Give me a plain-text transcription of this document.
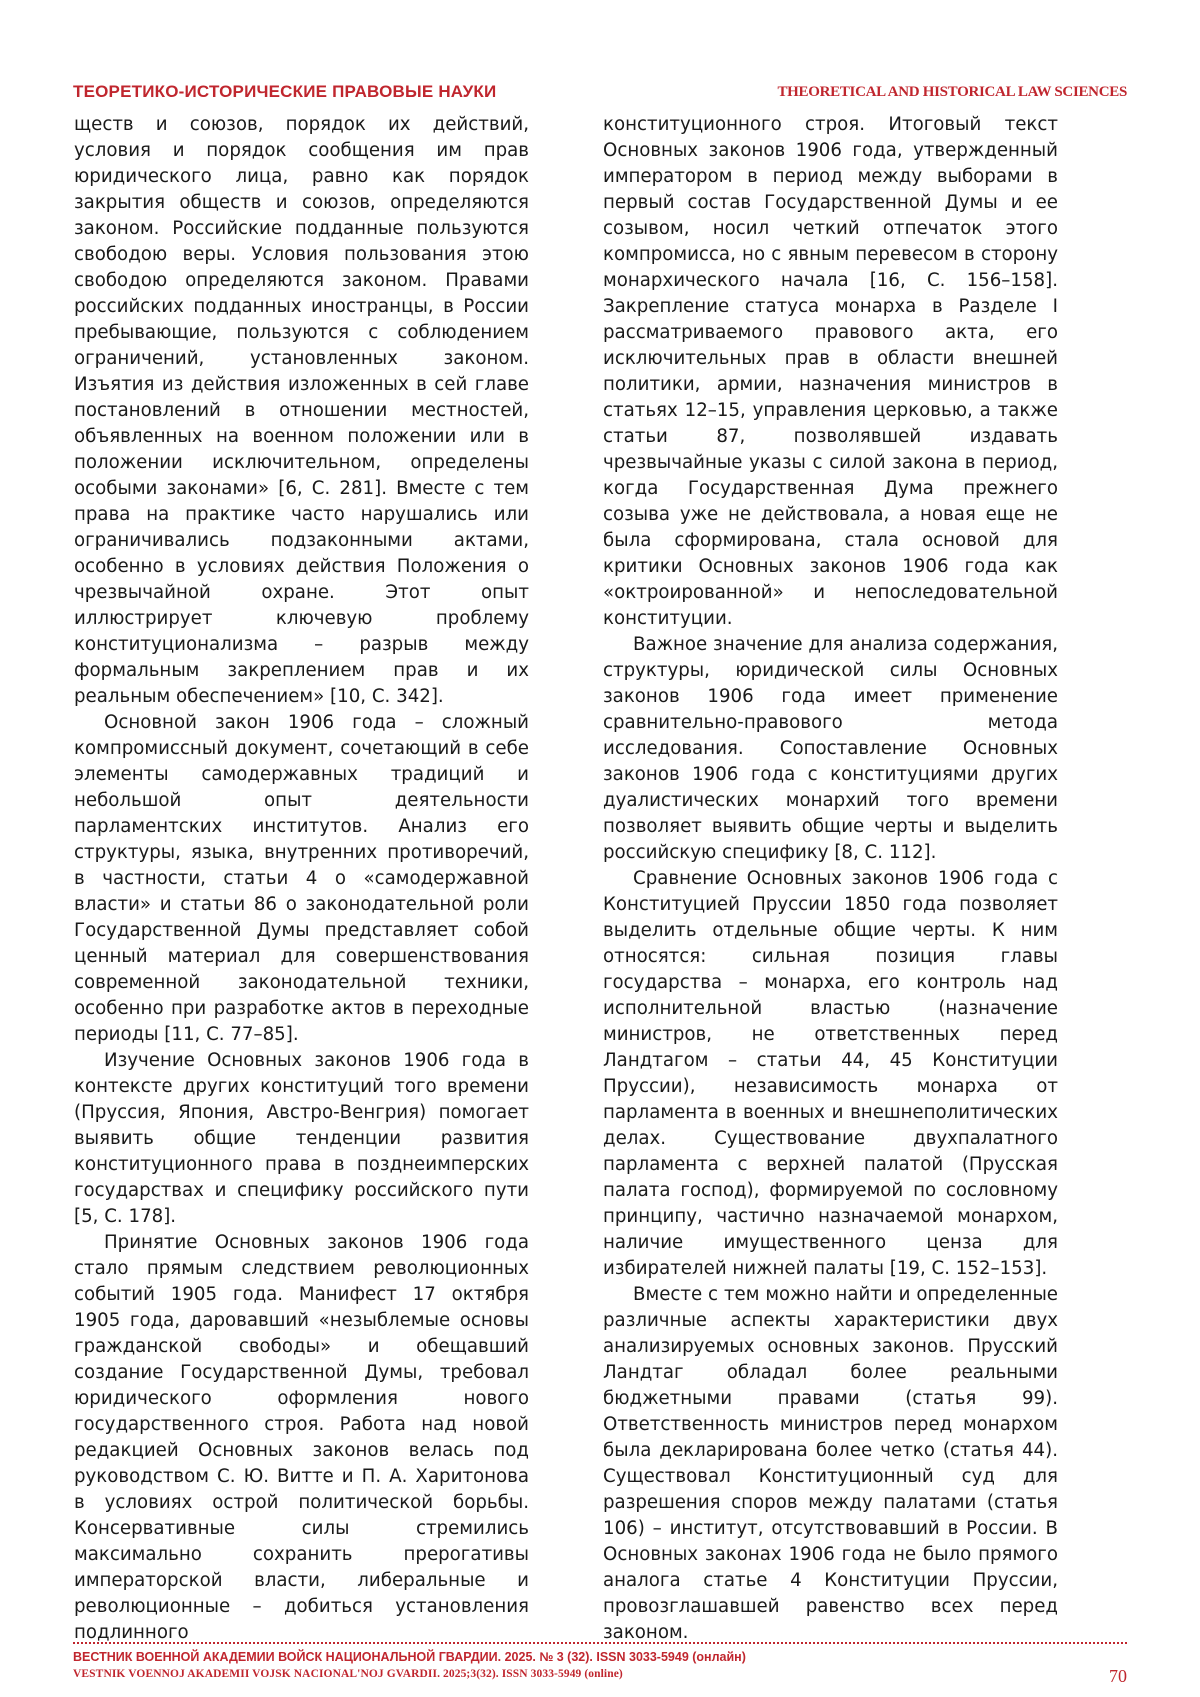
ТЕОРЕТИКО-ИСТОРИЧЕСКИЕ ПРАВОВЫЕ НАУКИ	THEORETICAL AND HISTORICAL LAW SCIENCES

ществ и союзов, порядок их действий, условия и порядок сообщения им прав юридического лица, равно как порядок закрытия обществ и союзов, определяются законом. Российские подданные пользуются свободою веры. Условия пользования этою свободою определяются законом. Правами российских подданных иностранцы, в России пребывающие, пользуются с соблюдением ограничений, установленных законом. Изъятия из действия изложенных в сей главе постановлений в отношении местностей, объявленных на военном положении или в положении исключительном, определены особыми законами» [6, С. 281]. Вместе с тем права на практике часто нарушались или ограничивались подзаконными актами, особенно в условиях действия Положения о чрезвычайной охране. Этот опыт иллюстрирует ключевую проблему конституционализма – разрыв между формальным закреплением прав и их реальным обеспечением» [10, С. 342].

Основной закон 1906 года – сложный компромиссный документ, сочетающий в себе элементы самодержавных традиций и небольшой опыт деятельности парламентских институтов. Анализ его структуры, языка, внутренних противоречий, в частности, статьи 4 о «самодержавной власти» и статьи 86 о законодательной роли Государственной Думы представляет собой ценный материал для совершенствования современной законодательной техники, особенно при разработке актов в переходные периоды [11, С. 77–85].

Изучение Основных законов 1906 года в контексте других конституций того времени (Пруссия, Япония, Австро-Венгрия) помогает выявить общие тенденции развития конституционного права в позднеимперских государствах и специфику российского пути [5, С. 178].

Принятие Основных законов 1906 года стало прямым следствием революционных событий 1905 года. Манифест 17 октября 1905 года, даровавший «незыблемые основы гражданской свободы» и обещавший создание Государственной Думы, требовал юридического оформления нового государственного строя. Работа над новой редакцией Основных законов велась под руководством С. Ю. Витте и П. А. Харитонова в условиях острой политической борьбы. Консервативные силы стремились максимально сохранить прерогативы императорской власти, либеральные и революционные – добиться установления подлинного

конституционного строя. Итоговый текст Основных законов 1906 года, утвержденный императором в период между выборами в первый состав Государственной Думы и ее созывом, носил четкий отпечаток этого компромисса, но с явным перевесом в сторону монархического начала [16, С. 156–158]. Закрепление статуса монарха в Разделе I рассматриваемого правового акта, его исключительных прав в области внешней политики, армии, назначения министров в статьях 12–15, управления церковью, а также статьи 87, позволявшей издавать чрезвычайные указы с силой закона в период, когда Государственная Дума прежнего созыва уже не действовала, а новая еще не была сформирована, стала основой для критики Основных законов 1906 года как «октроированной» и непоследовательной конституции.

Важное значение для анализа содержания, структуры, юридической силы Основных законов 1906 года имеет применение сравнительно-правового метода исследования. Сопоставление Основных законов 1906 года с конституциями других дуалистических монархий того времени позволяет выявить общие черты и выделить российскую специфику [8, С. 112].

Сравнение Основных законов 1906 года с Конституцией Пруссии 1850 года позволяет выделить отдельные общие черты. К ним относятся: сильная позиция главы государства – монарха, его контроль над исполнительной властью (назначение министров, не ответственных перед Ландтагом – статьи 44, 45 Конституции Пруссии), независимость монарха от парламента в военных и внешнеполитических делах. Существование двухпалатного парламента с верхней палатой (Прусская палата господ), формируемой по сословному принципу, частично назначаемой монархом, наличие имущественного ценза для избирателей нижней палаты [19, С. 152–153].

Вместе с тем можно найти и определенные различные аспекты характеристики двух анализируемых основных законов. Прусский Ландтаг обладал более реальными бюджетными правами (статья 99). Ответственность министров перед монархом была декларирована более четко (статья 44). Существовал Конституционный суд для разрешения споров между палатами (статья 106) – институт, отсутствовавший в России. В Основных законах 1906 года не было прямого аналога статье 4 Конституции Пруссии, провозглашавшей равенство всех перед законом.

ВЕСТНИК ВОЕННОЙ АКАДЕМИИ ВОЙСК НАЦИОНАЛЬНОЙ ГВАРДИИ. 2025. № 3 (32). ISSN 3033-5949 (онлайн)
VESTNIK VOENNOJ AKADEMII VOJSK NACIONAL'NOJ GVARDII. 2025;3(32). ISSN 3033-5949 (online)	70
